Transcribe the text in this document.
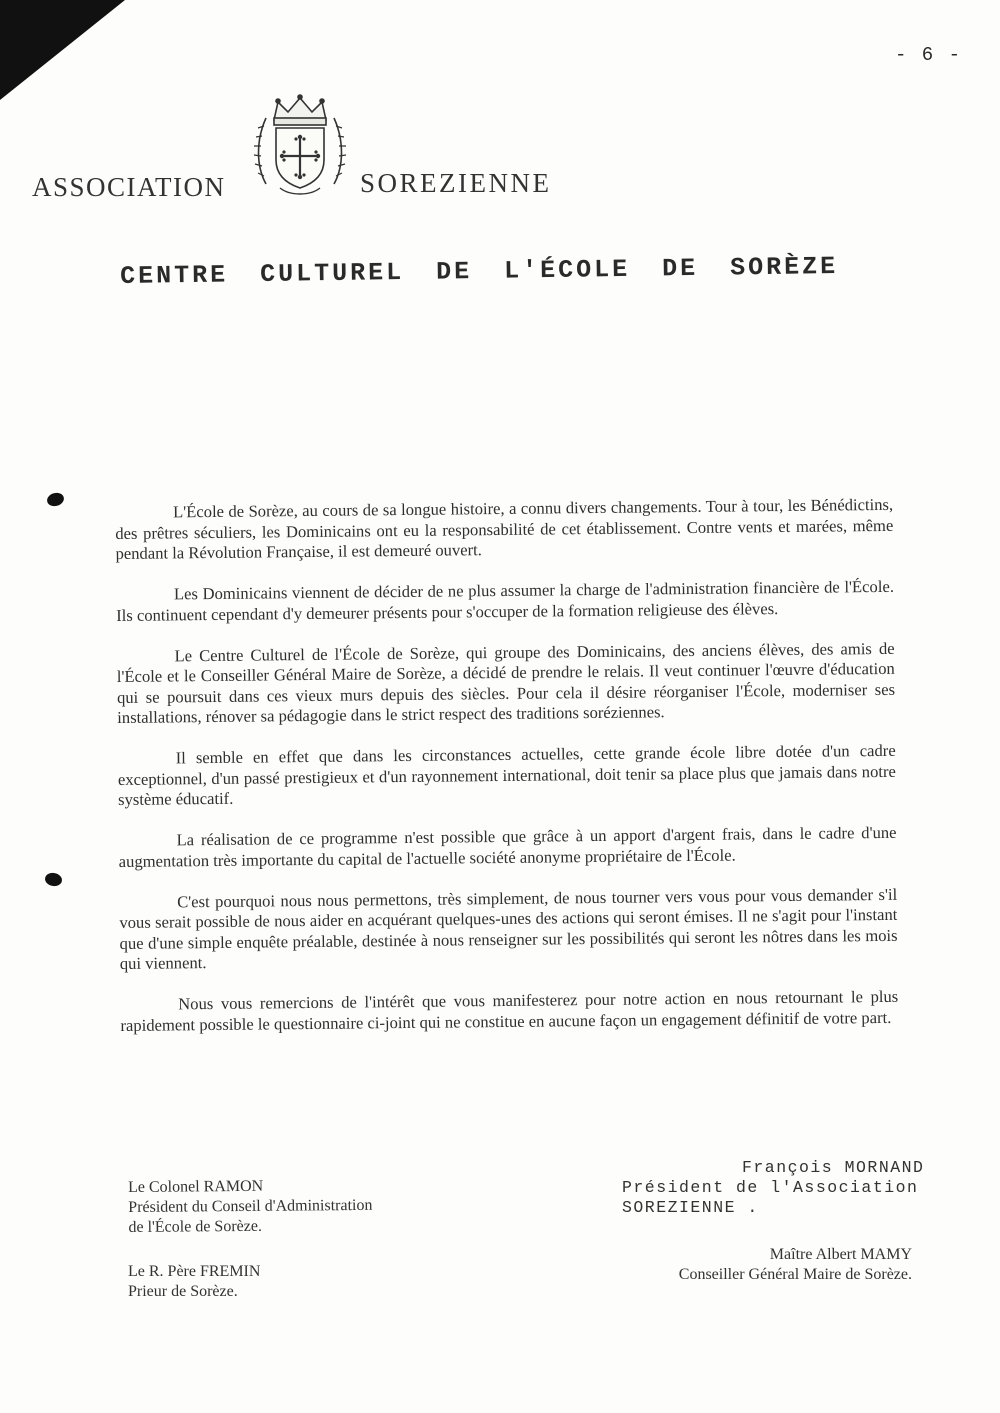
- 6 -
ASSOCIATION	SOREZIENNE
CENTRE CULTUREL DE L'ÉCOLE DE SORÈZE

L'École de Sorèze, au cours de sa longue histoire, a connu divers changements. Tour à tour, les Bénédictins, des prêtres séculiers, les Dominicains ont eu la responsabilité de cet établissement. Contre vents et marées, même pendant la Révolution Française, il est demeuré ouvert.

Les Dominicains viennent de décider de ne plus assumer la charge de l'administration financière de l'École. Ils continuent cependant d'y demeurer présents pour s'occuper de la formation religieuse des élèves.

Le Centre Culturel de l'École de Sorèze, qui groupe des Dominicains, des anciens élèves, des amis de l'École et le Conseiller Général Maire de Sorèze, a décidé de prendre le relais. Il veut continuer l'œuvre d'éducation qui se poursuit dans ces vieux murs depuis des siècles. Pour cela il désire réorganiser l'École, moderniser ses installations, rénover sa pédagogie dans le strict respect des traditions soréziennes.

Il semble en effet que dans les circonstances actuelles, cette grande école libre dotée d'un cadre exceptionnel, d'un passé prestigieux et d'un rayonnement international, doit tenir sa place plus que jamais dans notre système éducatif.

La réalisation de ce programme n'est possible que grâce à un apport d'argent frais, dans le cadre d'une augmentation très importante du capital de l'actuelle société anonyme propriétaire de l'École.

C'est pourquoi nous nous permettons, très simplement, de nous tourner vers vous pour vous demander s'il vous serait possible de nous aider en acquérant quelques-unes des actions qui seront émises. Il ne s'agit pour l'instant que d'une simple enquête préalable, destinée à nous renseigner sur les possibilités qui seront les nôtres dans les mois qui viennent.

Nous vous remercions de l'intérêt que vous manifesterez pour notre action en nous retournant le plus rapidement possible le questionnaire ci-joint qui ne constitue en aucune façon un engagement définitif de votre part.

François MORNAND
Président de l'Association
SOREZIENNE .
Le Colonel RAMON
Président du Conseil d'Administration
de l'École de Sorèze.
Le R. Père FREMIN
Prieur de Sorèze.
Maître Albert MAMY
Conseiller Général Maire de Sorèze.
